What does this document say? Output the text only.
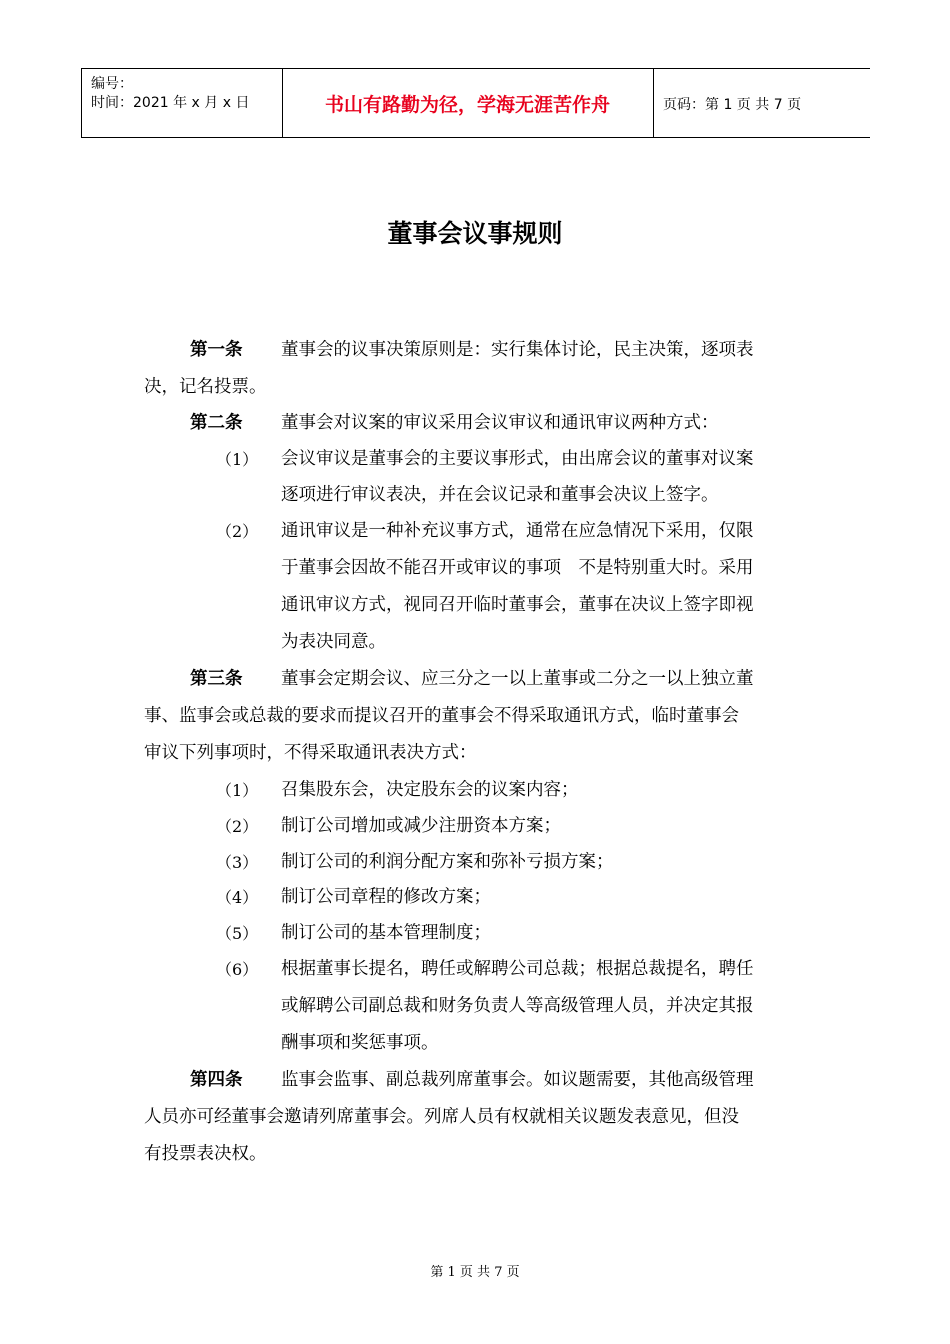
编号：
时间：2021 年 x 月 x 日	书山有路勤为径，学海无涯苦作舟	页码：第 1 页 共 7 页
董事会议事规则
第一条 董事会的议事决策原则是：实行集体讨论，民主决策，逐项表
决，记名投票。
第二条 董事会对议案的审议采用会议审议和通讯审议两种方式：
（1） 会议审议是董事会的主要议事形式，由出席会议的董事对议案
逐项进行审议表决，并在会议记录和董事会决议上签字。
（2） 通讯审议是一种补充议事方式，通常在应急情况下采用，仅限
于董事会因故不能召开或审议的事项　不是特别重大时。采用
通讯审议方式，视同召开临时董事会，董事在决议上签字即视
为表决同意。
第三条 董事会定期会议、应三分之一以上董事或二分之一以上独立董
事、监事会或总裁的要求而提议召开的董事会不得采取通讯方式，临时董事会
审议下列事项时，不得采取通讯表决方式：
（1） 召集股东会，决定股东会的议案内容；
（2） 制订公司增加或减少注册资本方案；
（3） 制订公司的利润分配方案和弥补亏损方案；
（4） 制订公司章程的修改方案；
（5） 制订公司的基本管理制度；
（6） 根据董事长提名，聘任或解聘公司总裁；根据总裁提名，聘任
或解聘公司副总裁和财务负责人等高级管理人员，并决定其报
酬事项和奖惩事项。
第四条 监事会监事、副总裁列席董事会。如议题需要，其他高级管理
人员亦可经董事会邀请列席董事会。列席人员有权就相关议题发表意见，但没
有投票表决权。
第 1 页 共 7 页
